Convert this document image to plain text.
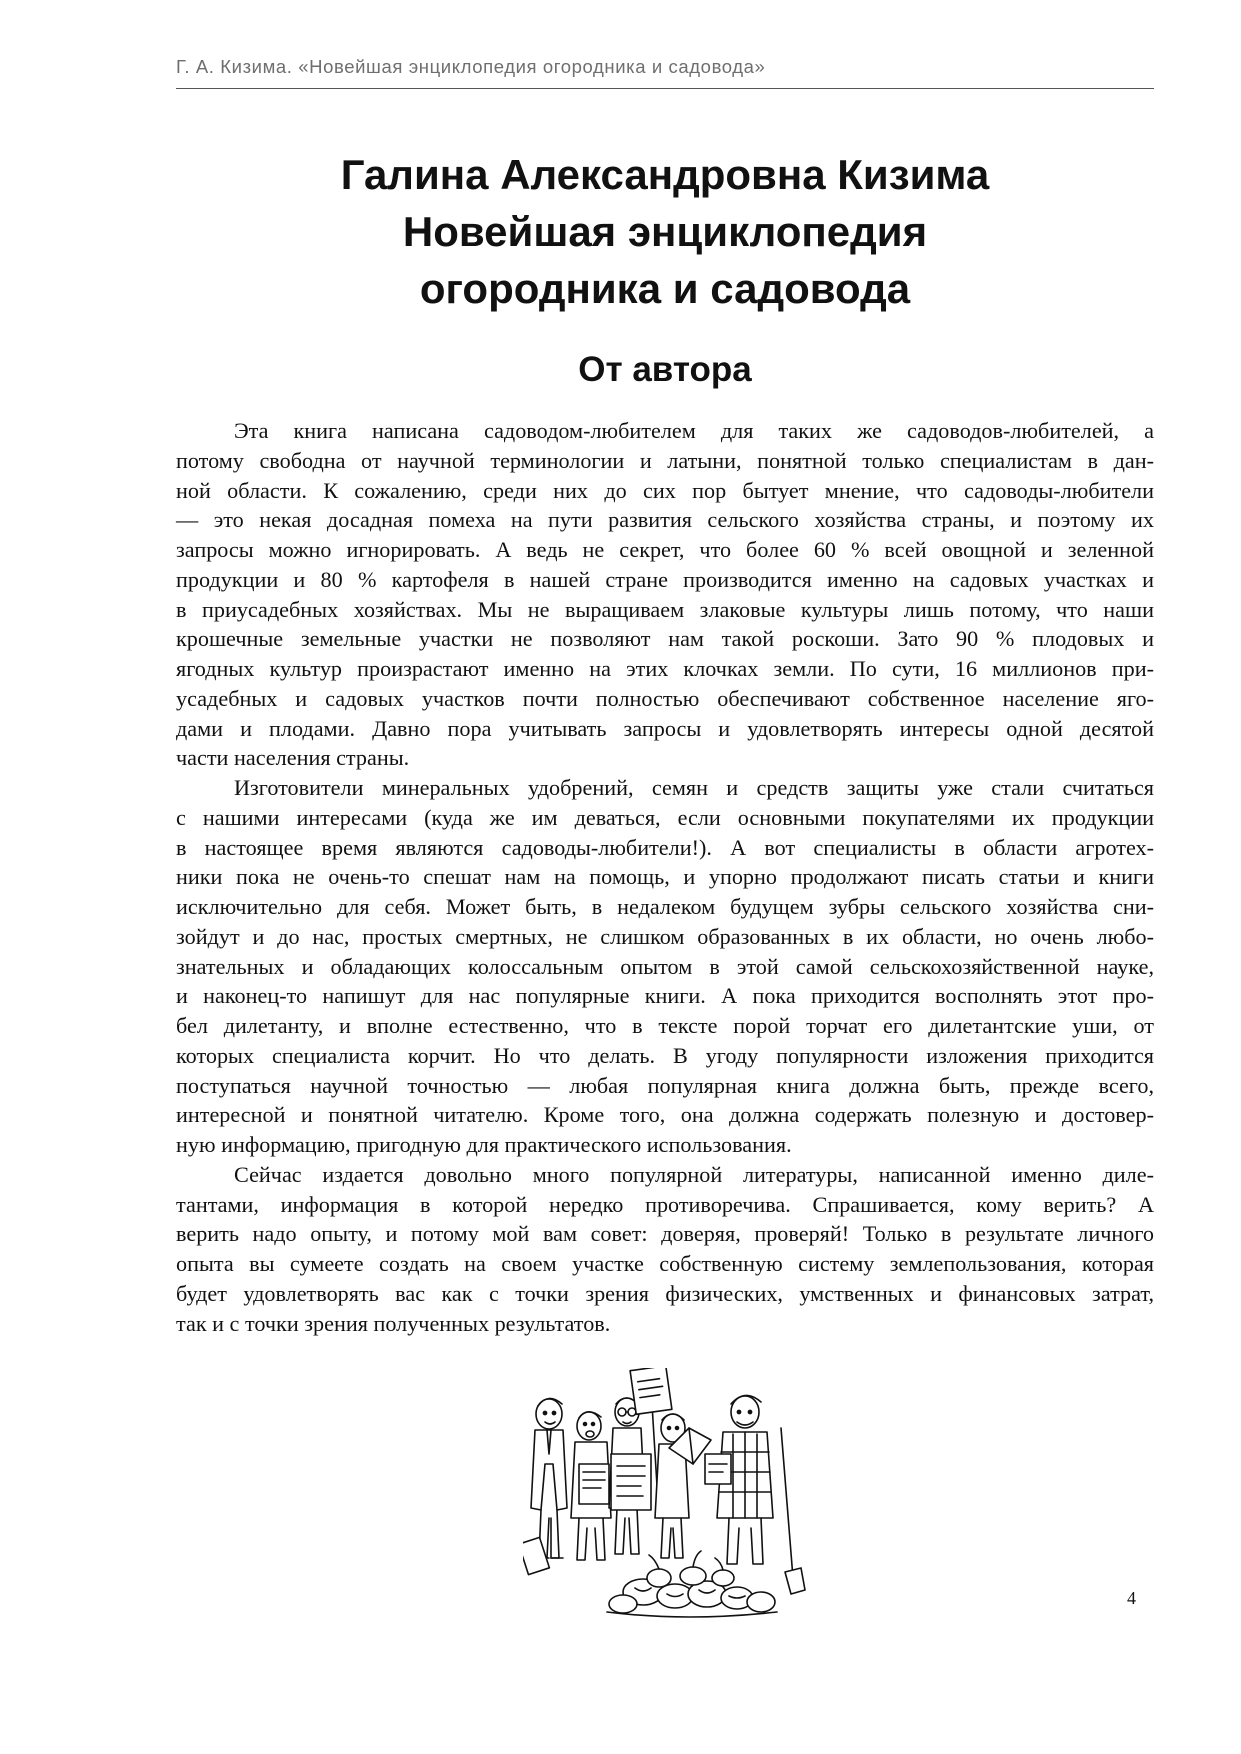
Г. А. Кизима. «Новейшая энциклопедия огородника и садовода»
Галина Александровна Кизима
Новейшая энциклопедия
огородника и садовода
От автора
Эта книга написана садоводом-любителем для таких же садоводов-любителей, а
потому свободна от научной терминологии и латыни, понятной только специалистам в дан-
ной области. К сожалению, среди них до сих пор бытует мнение, что садоводы-любители
— это некая досадная помеха на пути развития сельского хозяйства страны, и поэтому их
запросы можно игнорировать. А ведь не секрет, что более 60 % всей овощной и зеленной
продукции и 80 % картофеля в нашей стране производится именно на садовых участках и
в приусадебных хозяйствах. Мы не выращиваем злаковые культуры лишь потому, что наши
крошечные земельные участки не позволяют нам такой роскоши. Зато 90 % плодовых и
ягодных культур произрастают именно на этих клочках земли. По сути, 16 миллионов при-
усадебных и садовых участков почти полностью обеспечивают собственное население яго-
дами и плодами. Давно пора учитывать запросы и удовлетворять интересы одной десятой
части населения страны.
Изготовители минеральных удобрений, семян и средств защиты уже стали считаться
с нашими интересами (куда же им деваться, если основными покупателями их продукции
в настоящее время являются садоводы-любители!). А вот специалисты в области агротех-
ники пока не очень-то спешат нам на помощь, и упорно продолжают писать статьи и книги
исключительно для себя. Может быть, в недалеком будущем зубры сельского хозяйства сни-
зойдут и до нас, простых смертных, не слишком образованных в их области, но очень любо-
знательных и обладающих колоссальным опытом в этой самой сельскохозяйственной науке,
и наконец-то напишут для нас популярные книги. А пока приходится восполнять этот про-
бел дилетанту, и вполне естественно, что в тексте порой торчат его дилетантские уши, от
которых специалиста корчит. Но что делать. В угоду популярности изложения приходится
поступаться научной точностью — любая популярная книга должна быть, прежде всего,
интересной и понятной читателю. Кроме того, она должна содержать полезную и достовер-
ную информацию, пригодную для практического использования.
Сейчас издается довольно много популярной литературы, написанной именно диле-
тантами, информация в которой нередко противоречива. Спрашивается, кому верить? А
верить надо опыту, и потому мой вам совет: доверяя, проверяй! Только в результате личного
опыта вы сумеете создать на своем участке собственную систему землепользования, которая
будет удовлетворять вас как с точки зрения физических, умственных и финансовых затрат,
так и с точки зрения полученных результатов.
4
